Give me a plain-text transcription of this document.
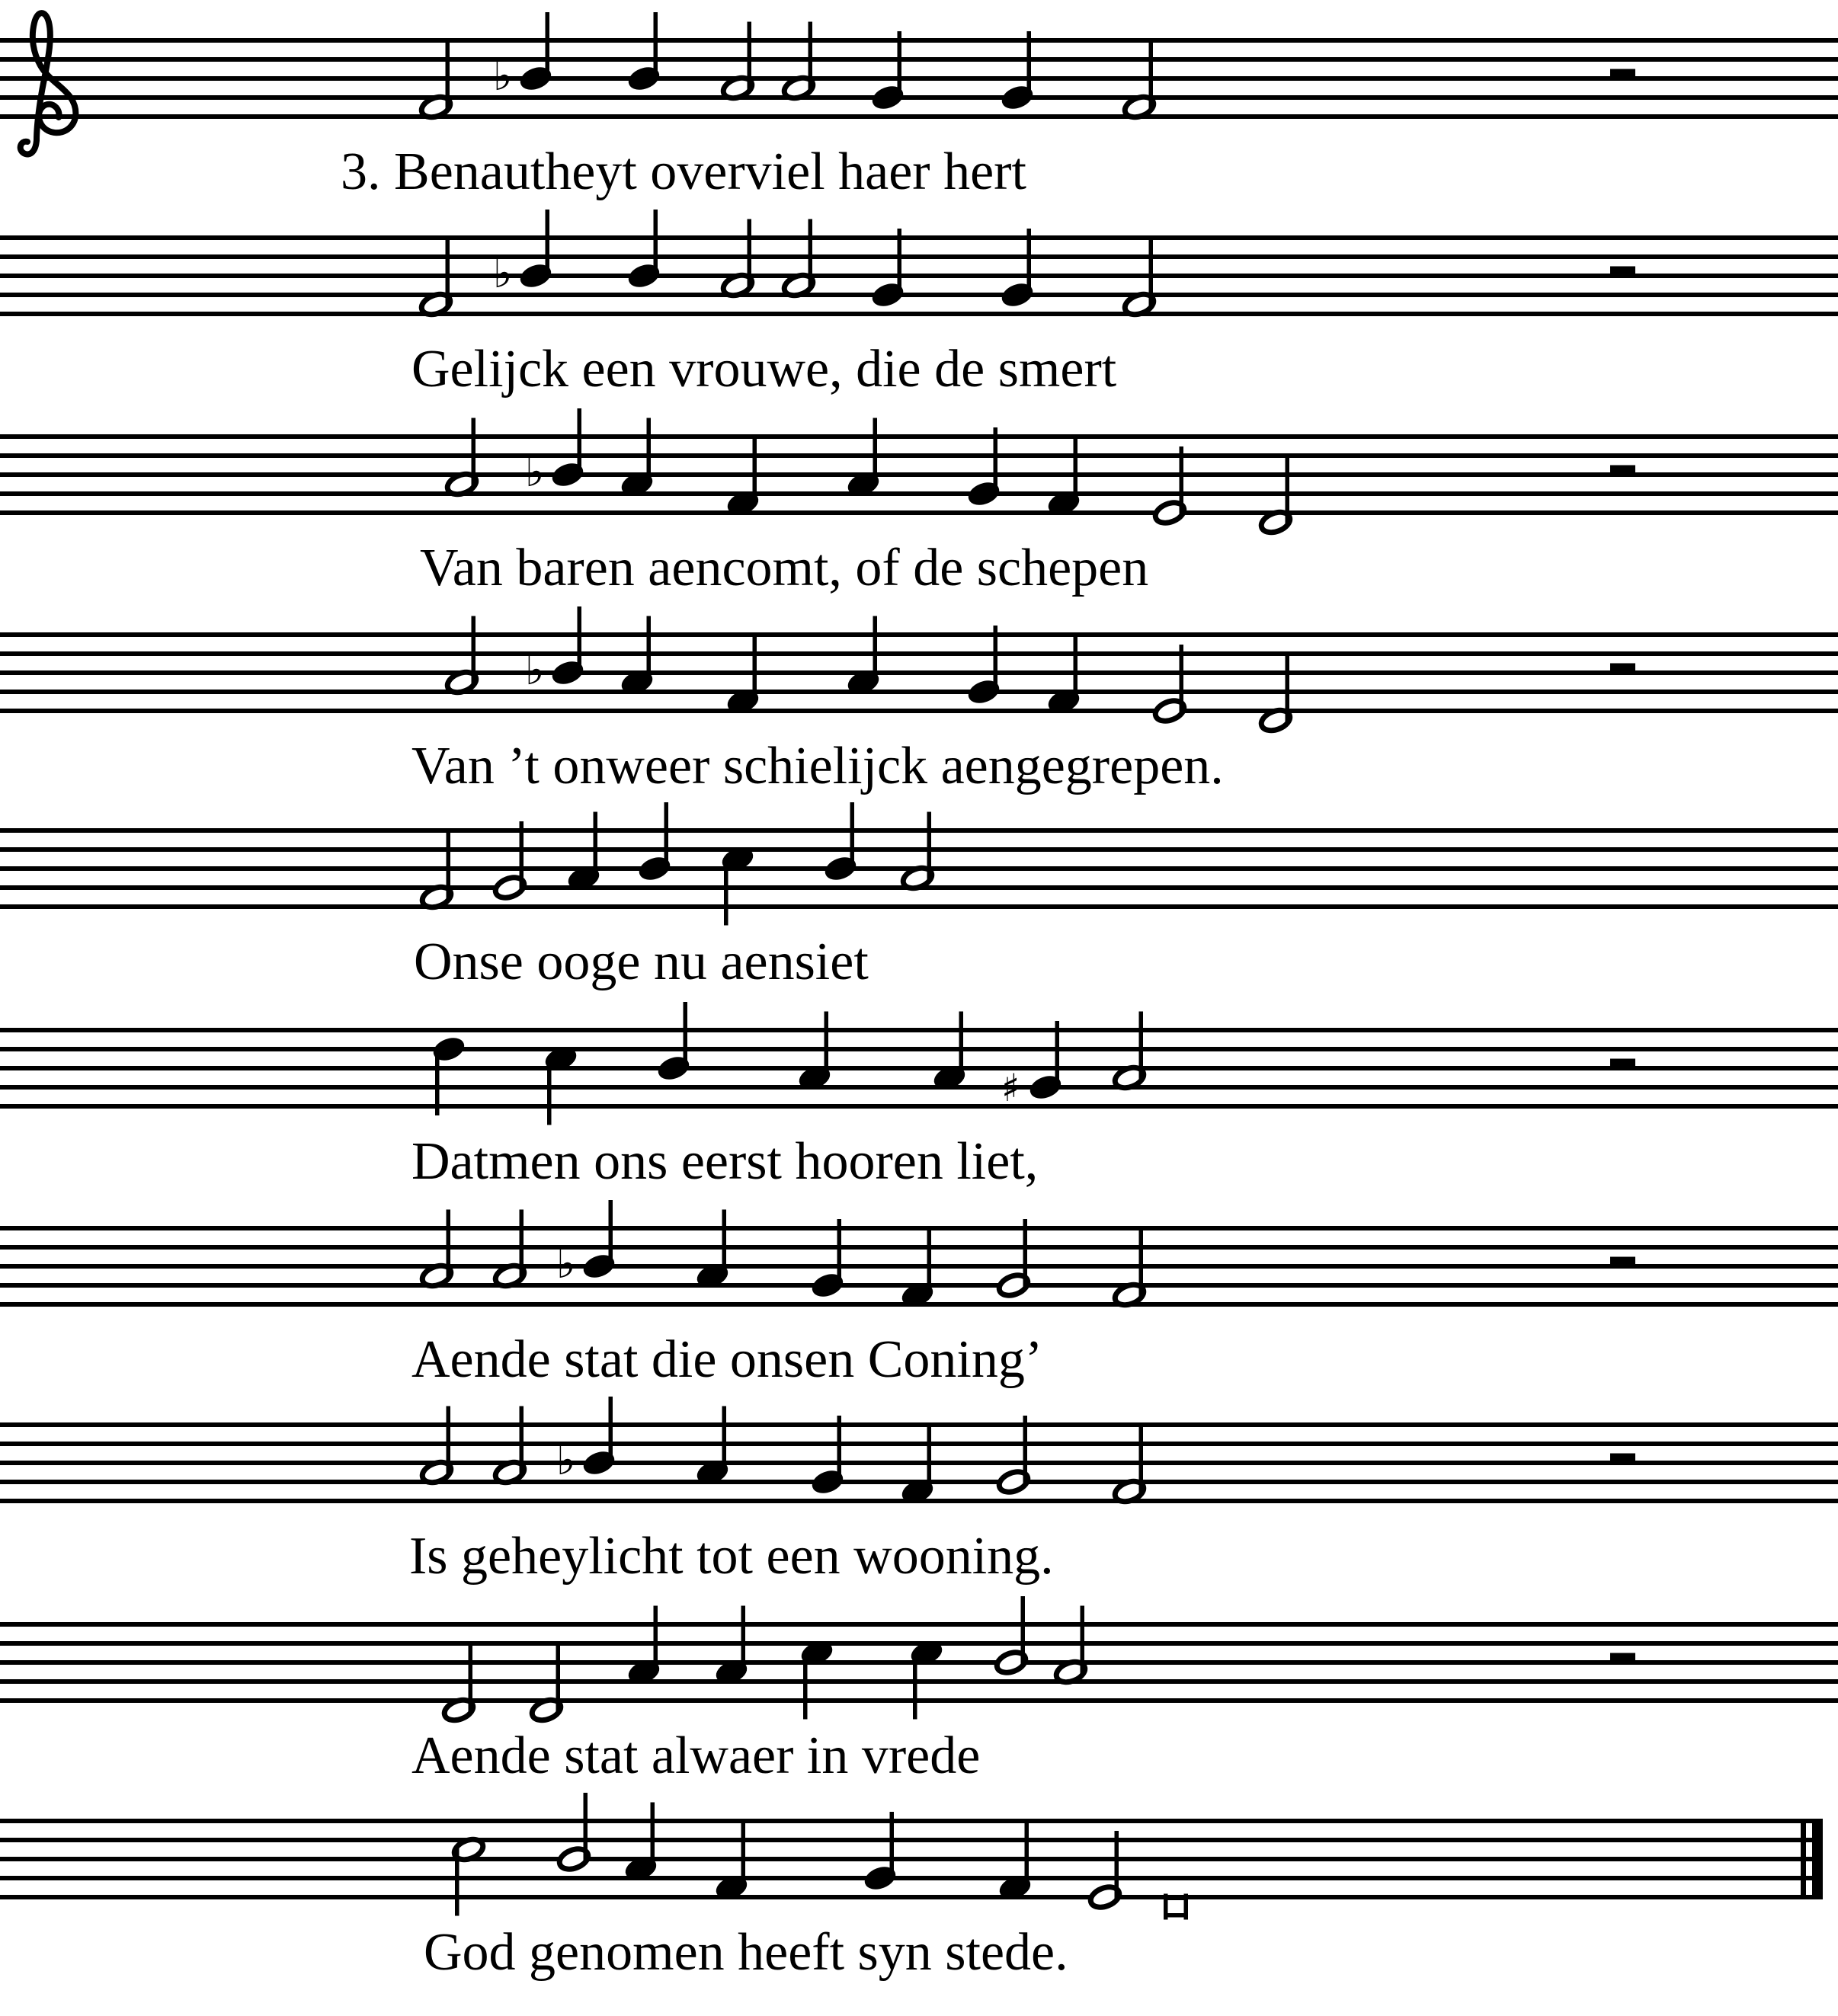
♭
♭
♭
♭
♯
♭
♭
3. Benautheyt overviel haer hert
Gelijck een vrouwe, die de smert
Van baren aencomt, of de schepen
Van ’t onweer schielijck aengegrepen.
Onse ooge nu aensiet
Datmen ons eerst hooren liet,
Aende stat die onsen Coning’
Is geheylicht tot een wooning.
Aende stat alwaer in vrede
God genomen heeft syn stede.
